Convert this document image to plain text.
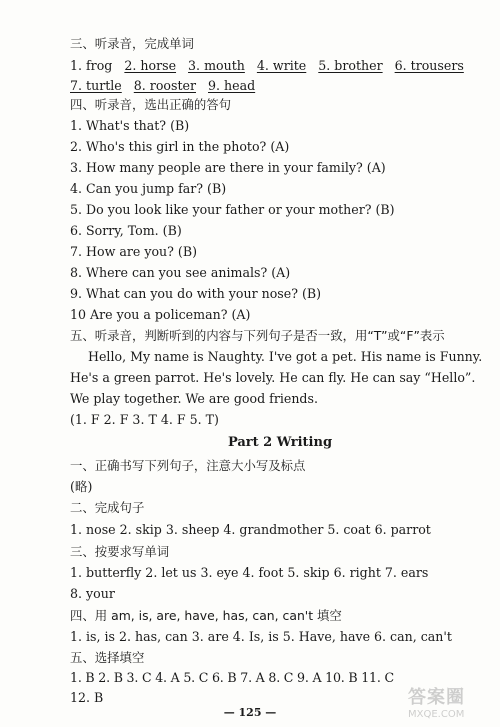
三、听录音，完成单词
1. frog 2. horse 3. mouth 4. write 5. brother 6. trousers
7. turtle 8. rooster 9. head
四、听录音，选出正确的答句
1. What's that? (B)
2. Who's this girl in the photo? (A)
3. How many people are there in your family? (A)
4. Can you jump far? (B)
5. Do you look like your father or your mother? (B)
6. Sorry, Tom. (B)
7. How are you? (B)
8. Where can you see animals? (A)
9. What can you do with your nose? (B)
10 Are you a policeman? (A)
五、听录音，判断听到的内容与下列句子是否一致，用“T”或“F”表示
Hello, My name is Naughty. I've got a pet. His name is Funny.
He's a green parrot. He's lovely. He can fly. He can say “Hello”.
We play together. We are good friends.
(1. F 2. F 3. T 4. F 5. T)
Part 2 Writing
一、正确书写下列句子，注意大小写及标点
(略)
二、完成句子
1. nose 2. skip 3. sheep 4. grandmother 5. coat 6. parrot
三、按要求写单词
1. butterfly 2. let us 3. eye 4. foot 5. skip 6. right 7. ears
8. your
四、用 am, is, are, have, has, can, can't 填空
1. is, is 2. has, can 3. are 4. Is, is 5. Have, have 6. can, can't
五、选择填空
1. B 2. B 3. C 4. A 5. C 6. B 7. A 8. C 9. A 10. B 11. C
12. B
— 125 —
答案圈
MXQE.COM
